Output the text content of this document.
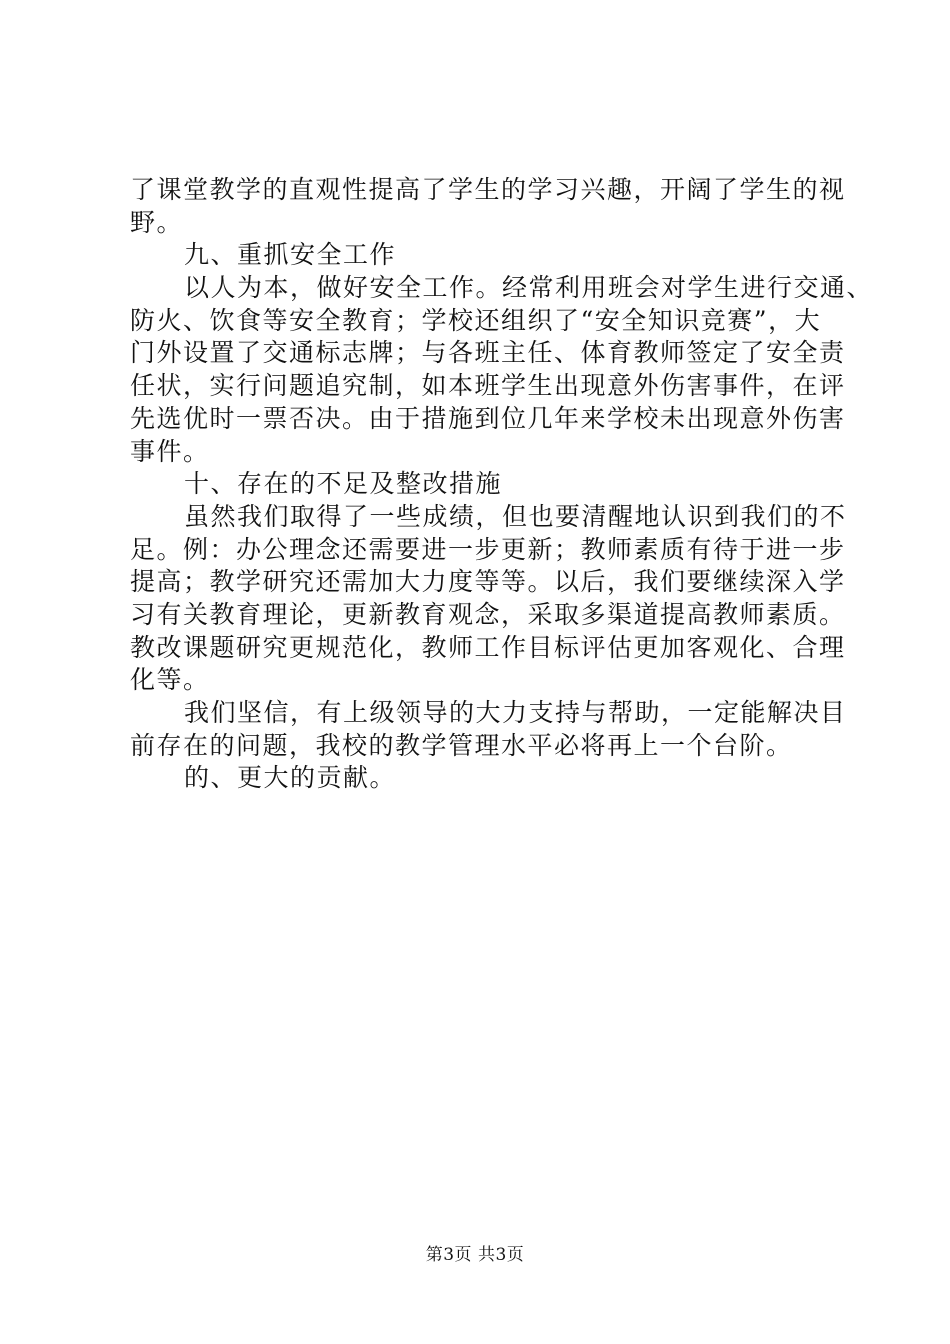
了课堂教学的直观性提高了学生的学习兴趣，开阔了学生的视
野。
九、重抓安全工作
以人为本，做好安全工作。经常利用班会对学生进行交通、
防火、饮食等安全教育；学校还组织了“安全知识竞赛”，大
门外设置了交通标志牌；与各班主任、体育教师签定了安全责
任状，实行问题追究制，如本班学生出现意外伤害事件，在评
先选优时一票否决。由于措施到位几年来学校未出现意外伤害
事件。
十、存在的不足及整改措施
虽然我们取得了一些成绩，但也要清醒地认识到我们的不
足。例：办公理念还需要进一步更新；教师素质有待于进一步
提高；教学研究还需加大力度等等。以后，我们要继续深入学
习有关教育理论，更新教育观念，采取多渠道提高教师素质。
教改课题研究更规范化，教师工作目标评估更加客观化、合理
化等。
我们坚信，有上级领导的大力支持与帮助，一定能解决目
前存在的问题，我校的教学管理水平必将再上一个台阶。
的、更大的贡献。
第3页 共3页
